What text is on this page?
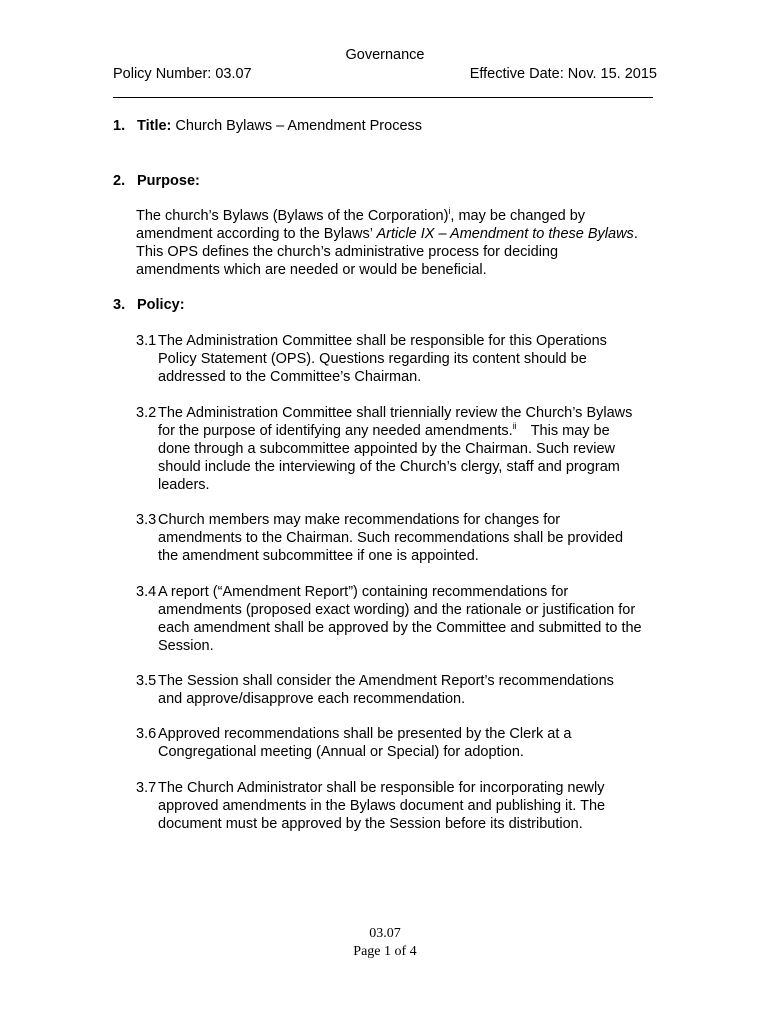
Governance
Policy Number: 03.07	Effective Date: Nov. 15. 2015
1. Title: Church Bylaws – Amendment Process
2. Purpose:
The church’s Bylaws (Bylaws of the Corporation)$^i$, may be changed by
amendment according to the Bylaws’ Article IX – Amendment to these Bylaws.
This OPS defines the church’s administrative process for deciding
amendments which are needed or would be beneficial.
3. Policy:
3.1 The Administration Committee shall be responsible for this Operations
Policy Statement (OPS). Questions regarding its content should be
addressed to the Committee’s Chairman.
3.2 The Administration Committee shall triennially review the Church’s Bylaws
for the purpose of identifying any needed amendments.$^{ii}$ This may be
done through a subcommittee appointed by the Chairman. Such review
should include the interviewing of the Church’s clergy, staff and program
leaders.
3.3 Church members may make recommendations for changes for
amendments to the Chairman. Such recommendations shall be provided
the amendment subcommittee if one is appointed.
3.4 A report (“Amendment Report”) containing recommendations for
amendments (proposed exact wording) and the rationale or justification for
each amendment shall be approved by the Committee and submitted to the
Session.
3.5 The Session shall consider the Amendment Report’s recommendations
and approve/disapprove each recommendation.
3.6 Approved recommendations shall be presented by the Clerk at a
Congregational meeting (Annual or Special) for adoption.
3.7 The Church Administrator shall be responsible for incorporating newly
approved amendments in the Bylaws document and publishing it. The
document must be approved by the Session before its distribution.
03.07
Page 1 of 4
